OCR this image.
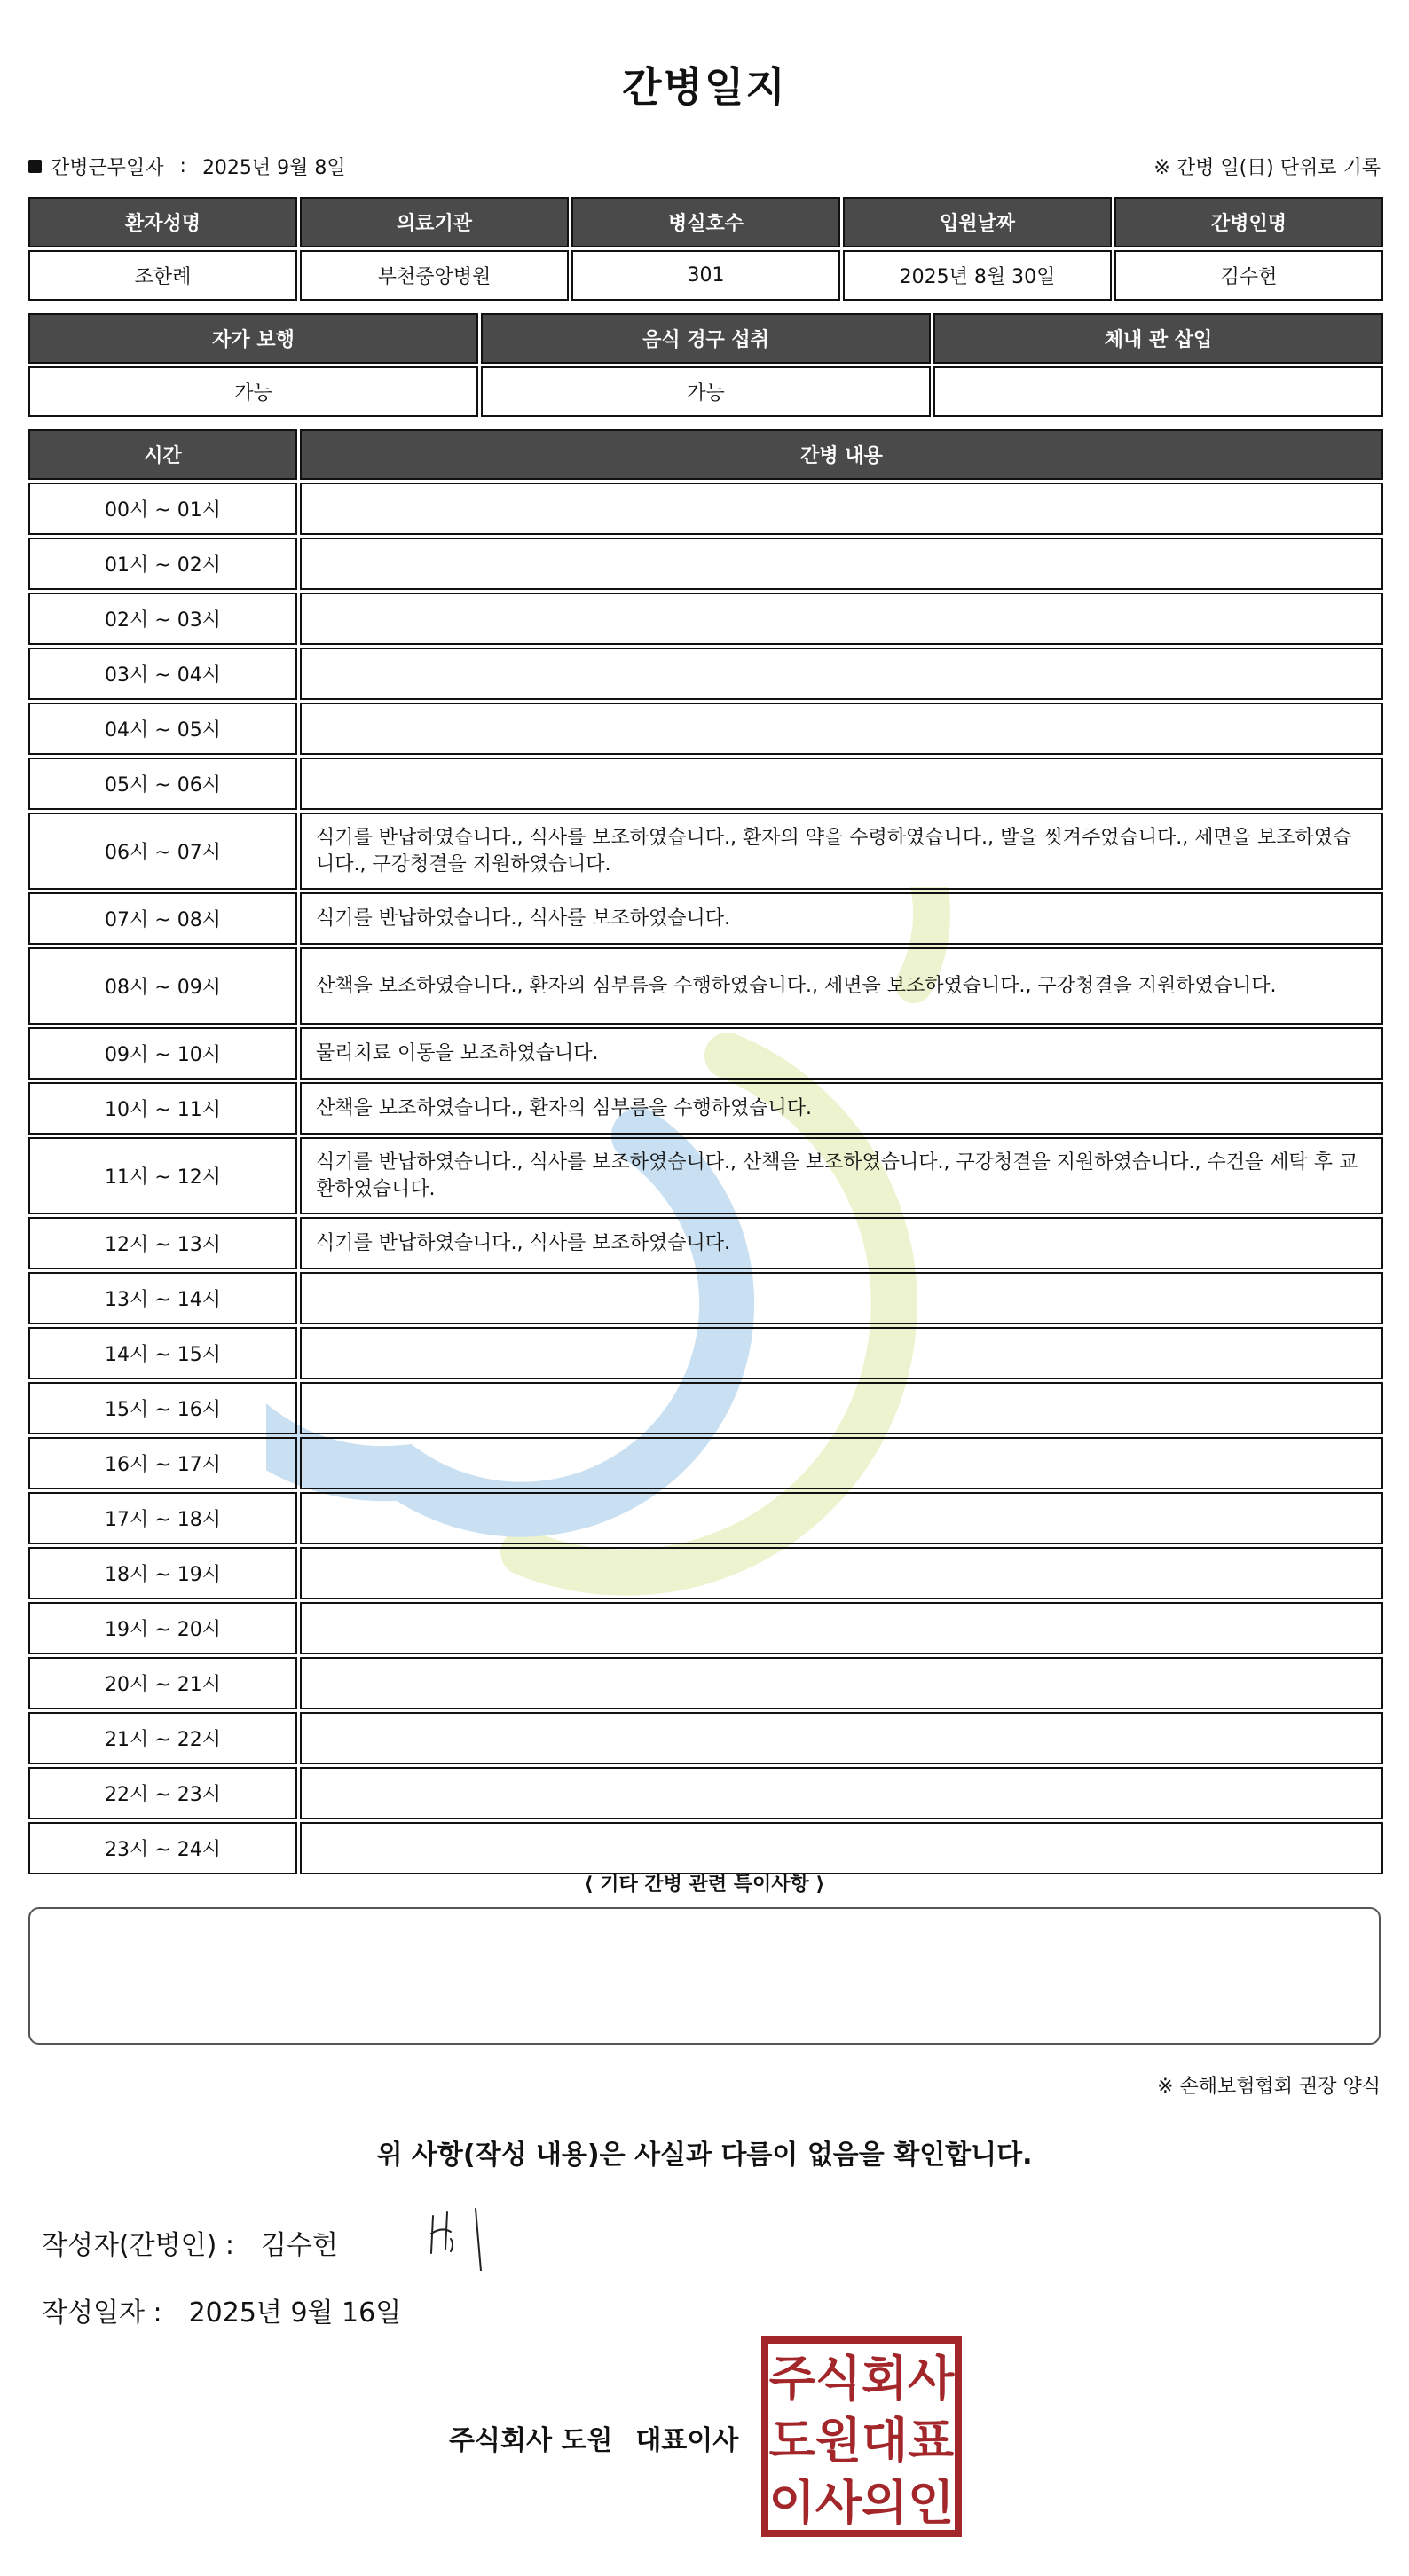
간병일지
간병근무일자 : 2025년 9월 8일	※ 간병 일(日) 단위로 기록
환자성명	의료기관	병실호수	입원날짜	간병인명
조한례	부천중앙병원	301	2025년 8월 30일	김수헌
자가 보행	음식 경구 섭취	체내 관 삽입
가능	가능	
시간	간병 내용
00시 ~ 01시	
01시 ~ 02시	
02시 ~ 03시	
03시 ~ 04시	
04시 ~ 05시	
05시 ~ 06시	
06시 ~ 07시	식기를 반납하였습니다., 식사를 보조하였습니다., 환자의 약을 수령하였습니다., 발을 씻겨주었습니다., 세면을 보조하였습니다., 구강청결을 지원하였습니다.
07시 ~ 08시	식기를 반납하였습니다., 식사를 보조하였습니다.
08시 ~ 09시	산책을 보조하였습니다., 환자의 심부름을 수행하였습니다., 세면을 보조하였습니다., 구강청결을 지원하였습니다.
09시 ~ 10시	물리치료 이동을 보조하였습니다.
10시 ~ 11시	산책을 보조하였습니다., 환자의 심부름을 수행하였습니다.
11시 ~ 12시	식기를 반납하였습니다., 식사를 보조하였습니다., 산책을 보조하였습니다., 구강청결을 지원하였습니다., 수건을 세탁 후 교환하였습니다.
12시 ~ 13시	식기를 반납하였습니다., 식사를 보조하였습니다.
13시 ~ 14시	
14시 ~ 15시	
15시 ~ 16시	
16시 ~ 17시	
17시 ~ 18시	
18시 ~ 19시	
19시 ~ 20시	
20시 ~ 21시	
21시 ~ 22시	
22시 ~ 23시	
23시 ~ 24시	
⟨ 기타 간병 관련 특이사항 ⟩
※ 손해보험협회 권장 양식
위 사항(작성 내용)은 사실과 다름이 없음을 확인합니다.
작성자(간병인) : 김수헌
작성일자 : 2025년 9월 16일
주식회사 도원 대표이사
주식회사
도원대표
이사의인
